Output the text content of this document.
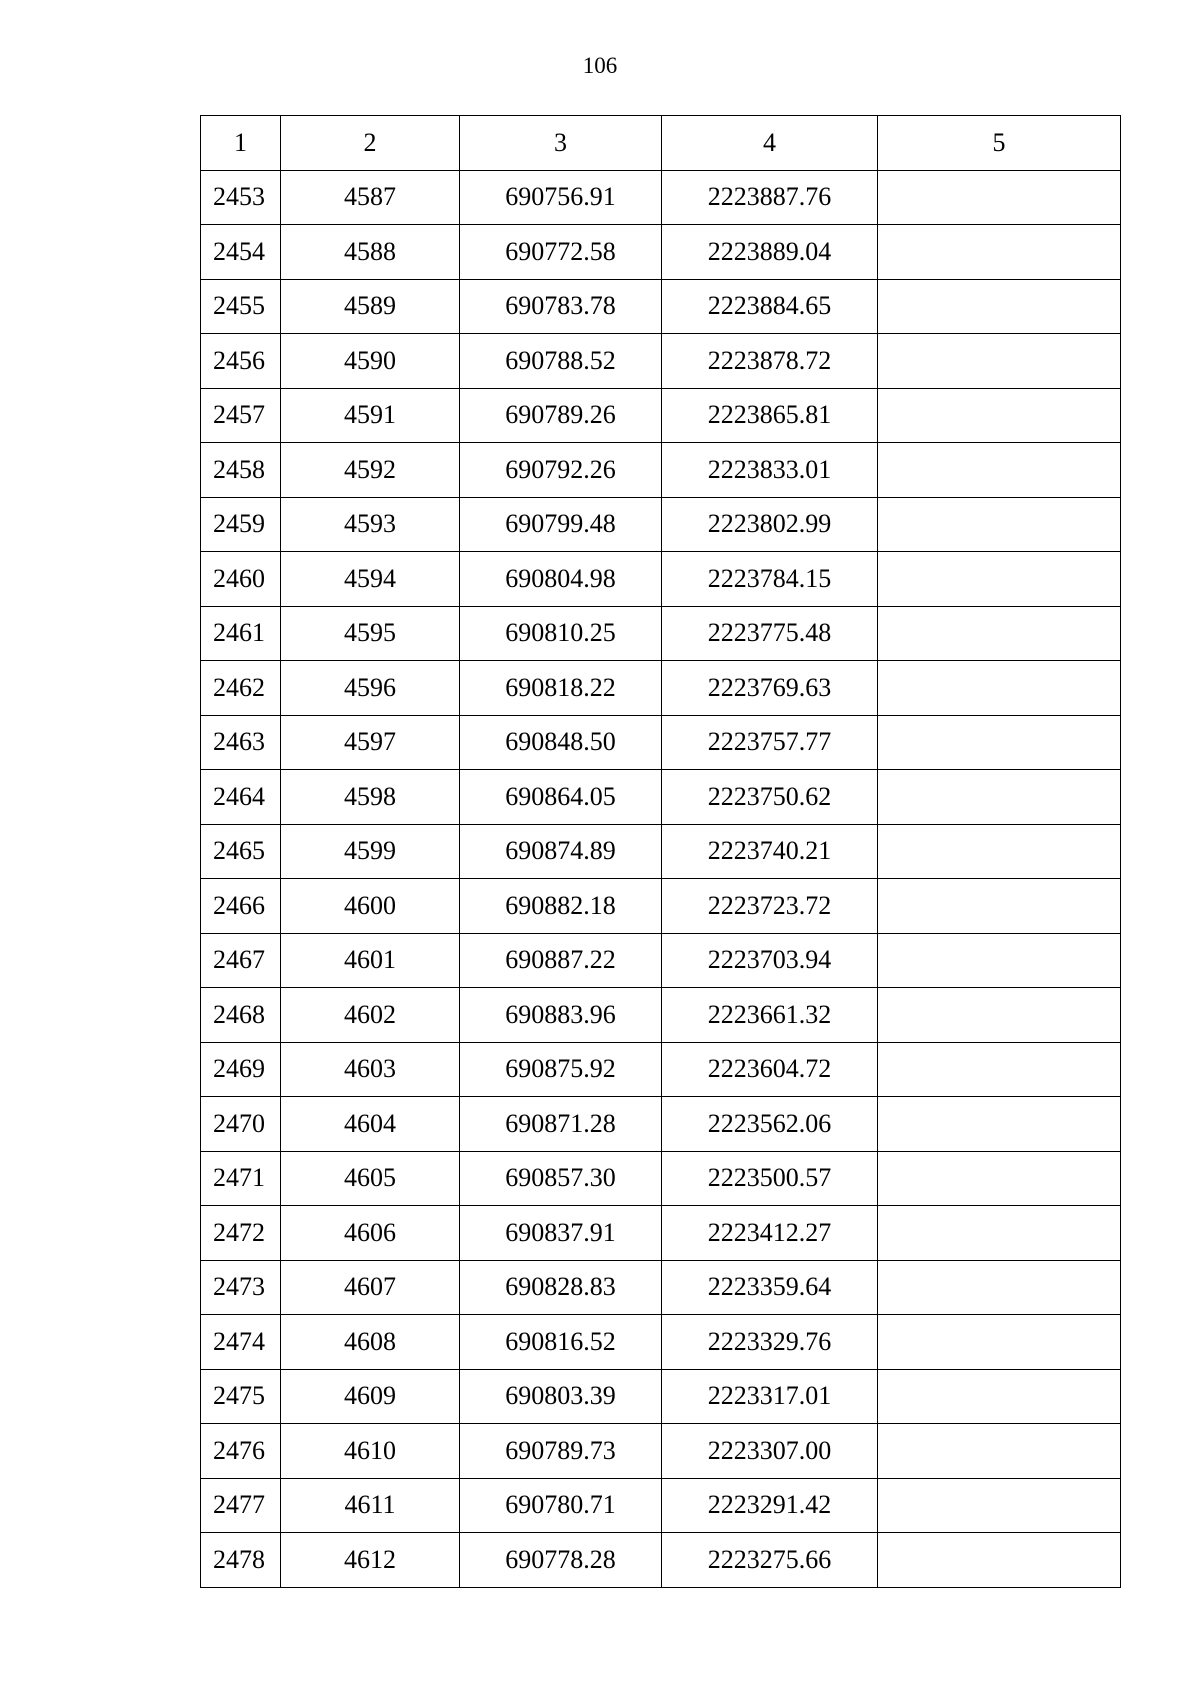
106
1	2	3	4	5
2453	4587	690756.91	2223887.76	
2454	4588	690772.58	2223889.04	
2455	4589	690783.78	2223884.65	
2456	4590	690788.52	2223878.72	
2457	4591	690789.26	2223865.81	
2458	4592	690792.26	2223833.01	
2459	4593	690799.48	2223802.99	
2460	4594	690804.98	2223784.15	
2461	4595	690810.25	2223775.48	
2462	4596	690818.22	2223769.63	
2463	4597	690848.50	2223757.77	
2464	4598	690864.05	2223750.62	
2465	4599	690874.89	2223740.21	
2466	4600	690882.18	2223723.72	
2467	4601	690887.22	2223703.94	
2468	4602	690883.96	2223661.32	
2469	4603	690875.92	2223604.72	
2470	4604	690871.28	2223562.06	
2471	4605	690857.30	2223500.57	
2472	4606	690837.91	2223412.27	
2473	4607	690828.83	2223359.64	
2474	4608	690816.52	2223329.76	
2475	4609	690803.39	2223317.01	
2476	4610	690789.73	2223307.00	
2477	4611	690780.71	2223291.42	
2478	4612	690778.28	2223275.66	
